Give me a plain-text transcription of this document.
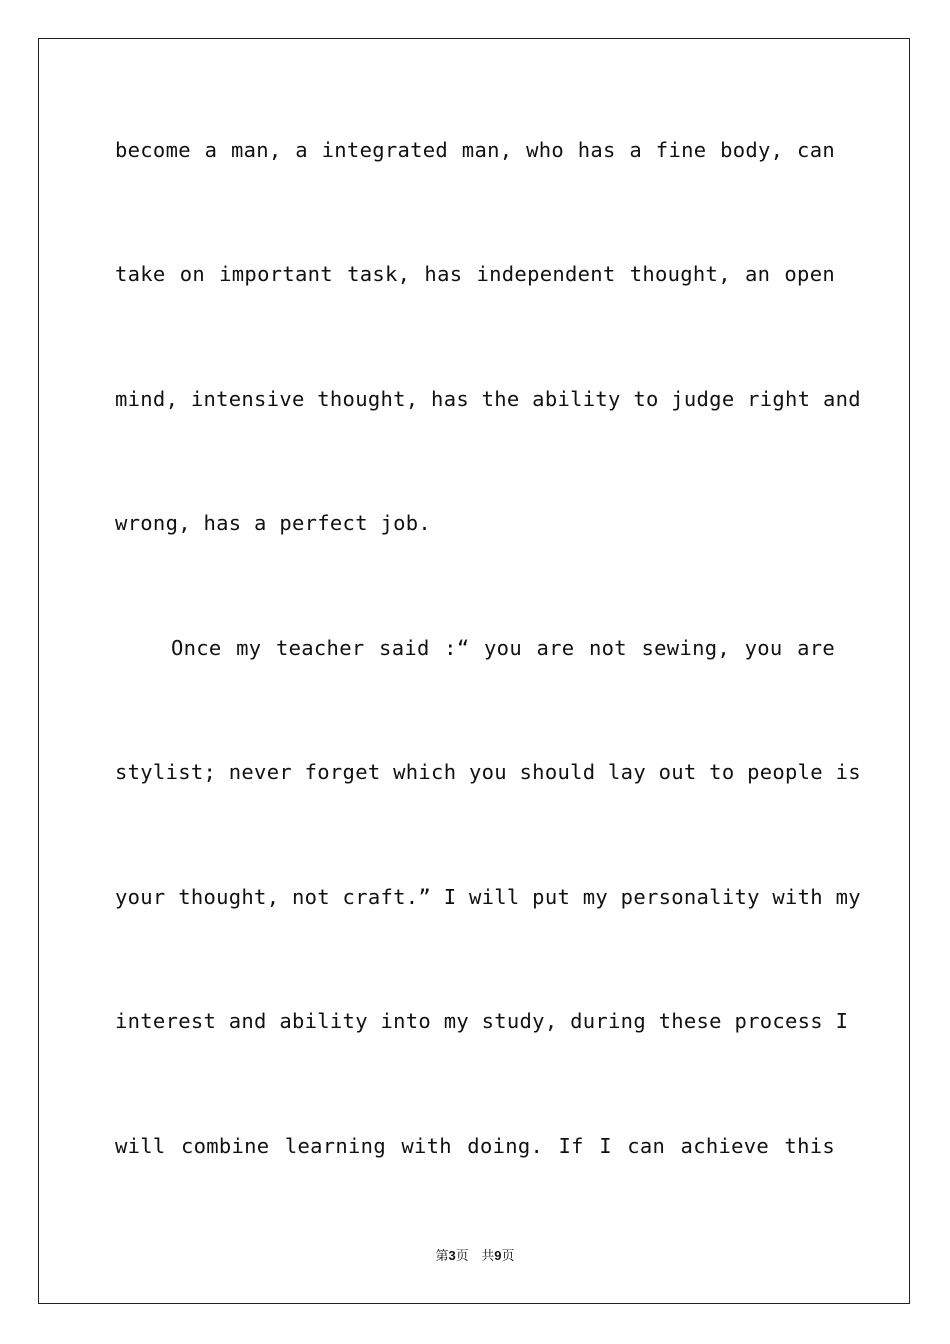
become a man, a integrated man, who has a fine body, can
take on important task, has independent thought, an open
mind, intensive thought, has the ability to judge right and
wrong, has a perfect job.
Once my teacher said :“ you are not sewing, you are
stylist; never forget which you should lay out to people is
your thought, not craft.” I will put my personality with my
interest and ability into my study, during these process I
will combine learning with doing. If I can achieve this
第3页 共9页
